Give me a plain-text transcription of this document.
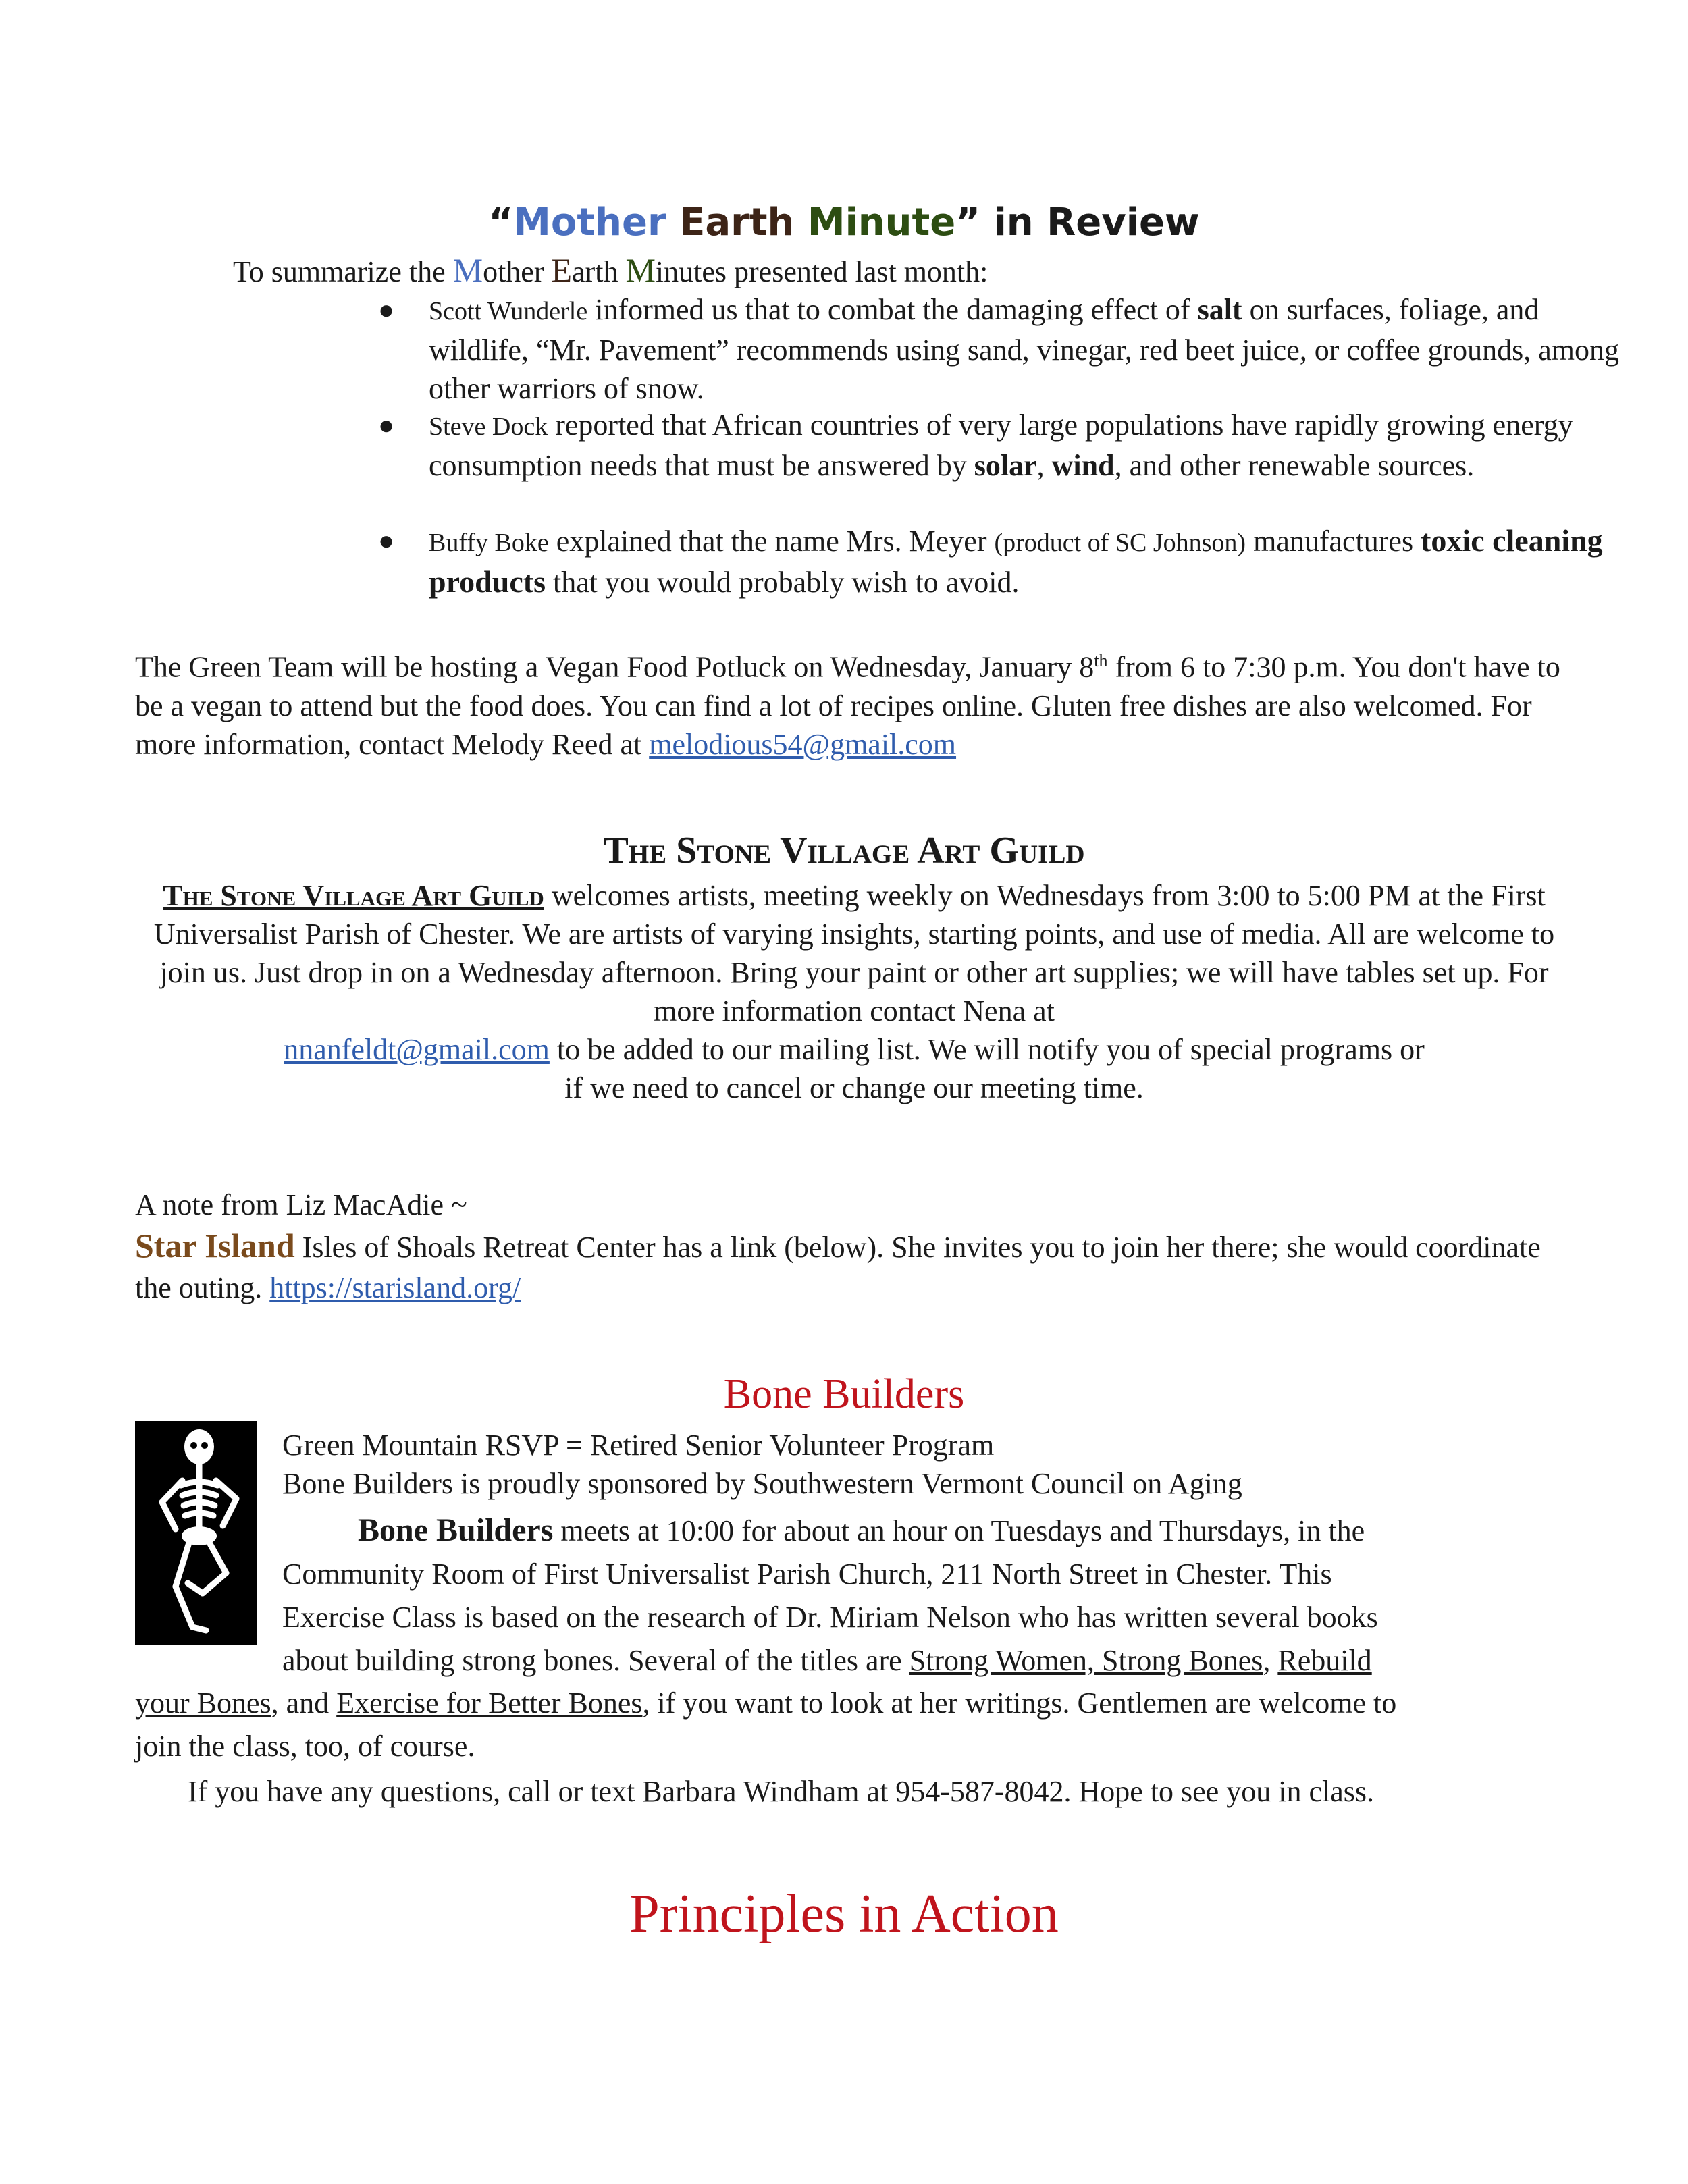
“Mother Earth Minute” in Review
To summarize the Mother Earth Minutes presented last month:
● Scott Wunderle informed us that to combat the damaging effect of salt on surfaces, foliage, and wildlife, “Mr. Pavement” recommends using sand, vinegar, red beet juice, or coffee grounds, among other warriors of snow.
● Steve Dock reported that African countries of very large populations have rapidly growing energy consumption needs that must be answered by solar, wind, and other renewable sources.
● Buffy Boke explained that the name Mrs. Meyer (product of SC Johnson) manufactures toxic cleaning products that you would probably wish to avoid.
The Green Team will be hosting a Vegan Food Potluck on Wednesday, January 8th from 6 to 7:30 p.m. You don't have to be a vegan to attend but the food does. You can find a lot of recipes online. Gluten free dishes are also welcomed. For more information, contact Melody Reed at melodious54@gmail.com
The Stone Village Art Guild
The Stone Village Art Guild welcomes artists, meeting weekly on Wednesdays from 3:00 to 5:00 PM at the First Universalist Parish of Chester. We are artists of varying insights, starting points, and use of media. All are welcome to join us. Just drop in on a Wednesday afternoon. Bring your paint or other art supplies; we will have tables set up. For more information contact Nena at
nnanfeldt@gmail.com to be added to our mailing list. We will notify you of special programs or
if we need to cancel or change our meeting time.
A note from Liz MacAdie ~
Star Island Isles of Shoals Retreat Center has a link (below). She invites you to join her there; she would coordinate the outing. https://starisland.org/
Bone Builders
Green Mountain RSVP = Retired Senior Volunteer Program
Bone Builders is proudly sponsored by Southwestern Vermont Council on Aging
Bone Builders meets at 10:00 for about an hour on Tuesdays and Thursdays, in the
Community Room of First Universalist Parish Church, 211 North Street in Chester. This
Exercise Class is based on the research of Dr. Miriam Nelson who has written several books
about building strong bones. Several of the titles are Strong Women, Strong Bones, Rebuild
your Bones, and Exercise for Better Bones, if you want to look at her writings. Gentlemen are welcome to
join the class, too, of course.
If you have any questions, call or text Barbara Windham at 954-587-8042. Hope to see you in class.
Principles in Action
